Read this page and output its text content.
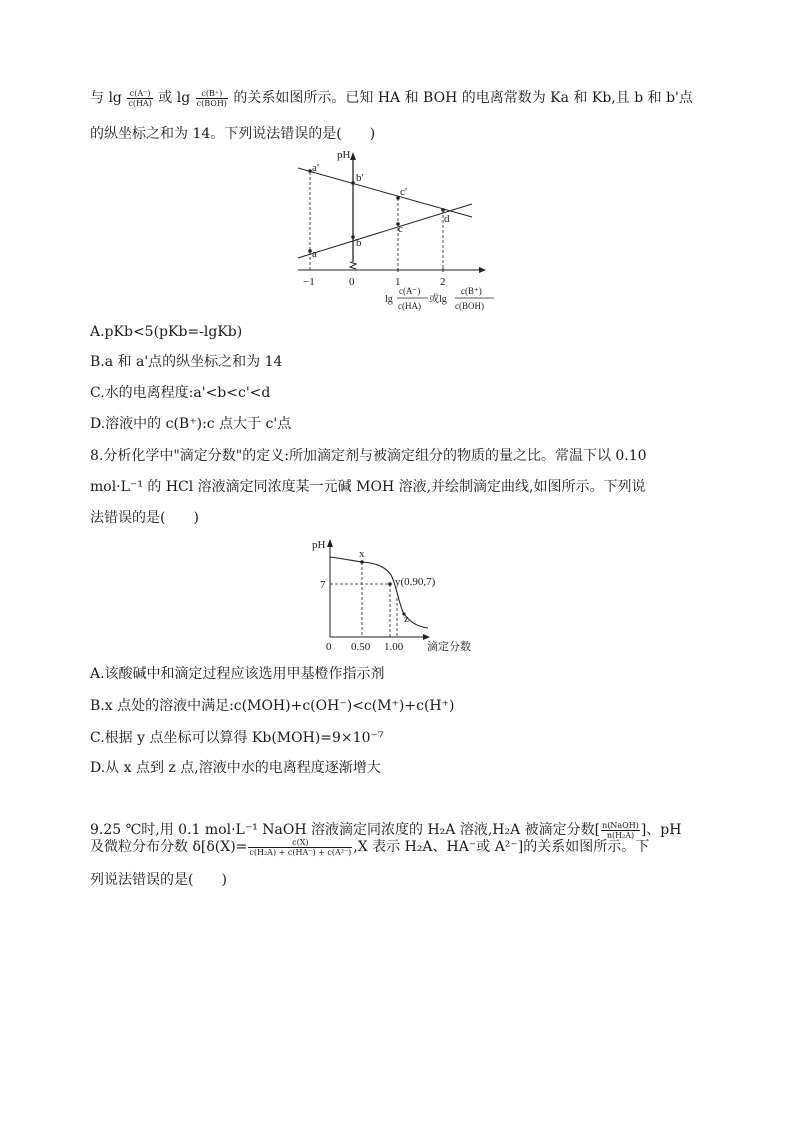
与 $\lg \frac{c(A^-)}{c(HA)}$ 或 $\lg \frac{c(B^+)}{\text{c(BOH)}}$ 的关系如图所示。已知 HA 和 BOH 的电离常数为 Ka 和 Kb,且 b 和 b'点
的纵坐标之和为 14。下列说法错误的是(　　)
pH
a′
b′
c′
d
c
b
a
−1	0	1	2
lg
c(A⁻)
c(HA)
或lg
c(B⁺)
c(BOH)
A.pKb<5(pKb=-lgKb)
B.a 和 a'点的纵坐标之和为 14
C.水的电离程度:a'<b<c'<d
D.溶液中的 c(B⁺):c 点大于 c'点
8.分析化学中"滴定分数"的定义:所加滴定剂与被滴定组分的物质的量之比。常温下以 0.10
mol·L⁻¹ 的 HCl 溶液滴定同浓度某一元碱 MOH 溶液,并绘制滴定曲线,如图所示。下列说
法错误的是(　　)
pH
7
x
y(0.90,7)
z
0 0.50 1.00 滴定分数
A.该酸碱中和滴定过程应该选用甲基橙作指示剂
B.x 点处的溶液中满足:c(MOH)+c(OH⁻)<c(M⁺)+c(H⁺)
C.根据 y 点坐标可以算得 Kb(MOH)=9×10⁻⁷
D.从 x 点到 z 点,溶液中水的电离程度逐渐增大
9.25 ℃时,用 0.1 mol·L⁻¹ NaOH 溶液滴定同浓度的 H₂A 溶液,H₂A 被滴定分数[ $\frac{\text{n(NaOH)}}{\text{n(H₂A)}}$ ]、pH
及微粒分布分数 $\delta[\delta(X)= \frac{c(X)}{\text{c(H₂A) + c(HA⁻) + c(A²⁻)}} ,X$ 表示 H₂A、HA⁻或 A²⁻]的关系如图所示。下
列说法错误的是(　　)
